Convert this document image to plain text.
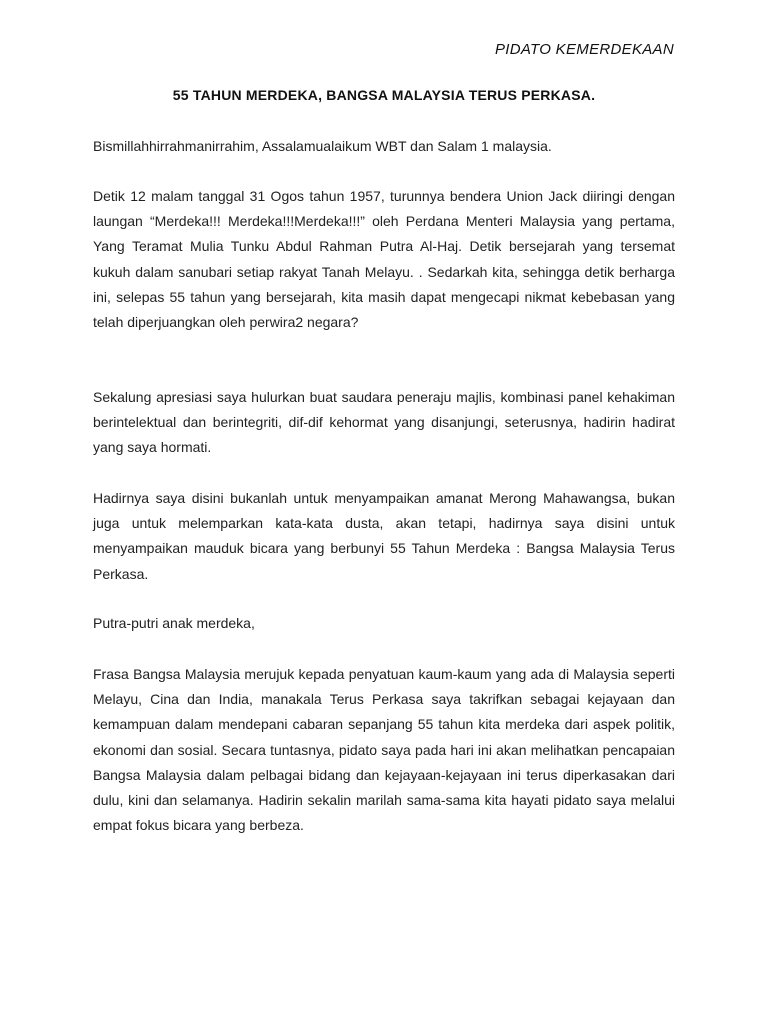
PIDATO KEMERDEKAAN
55 TAHUN MERDEKA, BANGSA MALAYSIA TERUS PERKASA.

Bismillahhirrahmanirrahim, Assalamualaikum WBT dan Salam 1 malaysia.

Detik 12 malam tanggal 31 Ogos tahun 1957, turunnya bendera Union Jack diiringi dengan laungan “Merdeka!!! Merdeka!!!Merdeka!!!” oleh Perdana Menteri Malaysia yang pertama, Yang Teramat Mulia Tunku Abdul Rahman Putra Al-Haj. Detik bersejarah yang tersemat kukuh dalam sanubari setiap rakyat Tanah Melayu. . Sedarkah kita, sehingga detik berharga ini, selepas 55 tahun yang bersejarah, kita masih dapat mengecapi nikmat kebebasan yang telah diperjuangkan oleh perwira2 negara?

Sekalung apresiasi saya hulurkan buat saudara peneraju majlis, kombinasi panel kehakiman berintelektual dan berintegriti, dif-dif kehormat yang disanjungi, seterusnya, hadirin hadirat yang saya hormati.

Hadirnya saya disini bukanlah untuk menyampaikan amanat Merong Mahawangsa, bukan juga untuk melemparkan kata-kata dusta, akan tetapi, hadirnya saya disini untuk menyampaikan mauduk bicara yang berbunyi 55 Tahun Merdeka : Bangsa Malaysia Terus Perkasa.

Putra-putri anak merdeka,

Frasa Bangsa Malaysia merujuk kepada penyatuan kaum-kaum yang ada di Malaysia seperti Melayu, Cina dan India, manakala Terus Perkasa saya takrifkan sebagai kejayaan dan kemampuan dalam mendepani cabaran sepanjang 55 tahun kita merdeka dari aspek politik, ekonomi dan sosial. Secara tuntasnya, pidato saya pada hari ini akan melihatkan pencapaian Bangsa Malaysia dalam pelbagai bidang dan kejayaan-kejayaan ini terus diperkasakan dari dulu, kini dan selamanya. Hadirin sekalin marilah sama-sama kita hayati pidato saya melalui empat fokus bicara yang berbeza.
